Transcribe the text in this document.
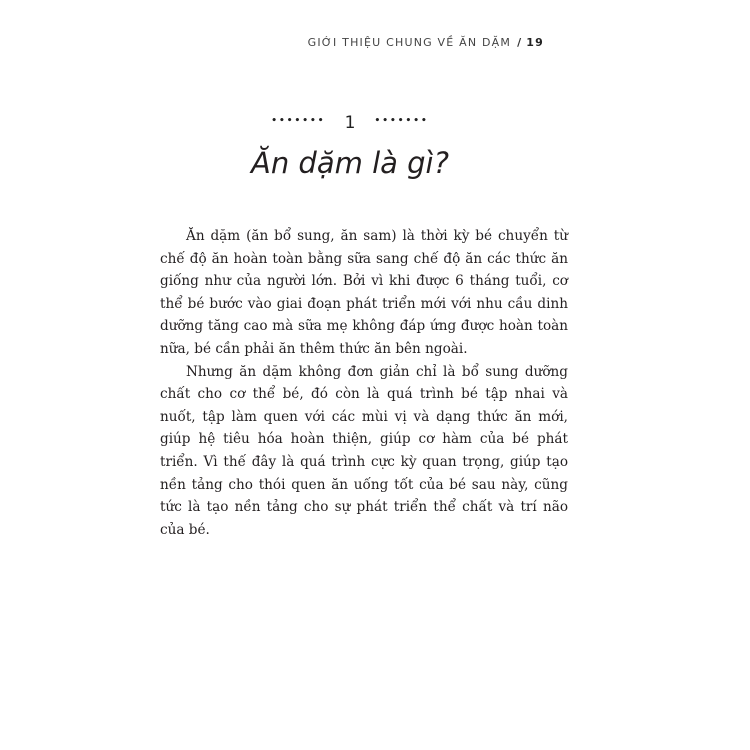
GIỚI THIỆU CHUNG VỀ ĂN DẶM / 19
••••••• 1 •••••••
Ăn dặm là gì?

Ăn dặm (ăn bổ sung, ăn sam) là thời kỳ bé chuyển từ chế độ ăn hoàn toàn bằng sữa sang chế độ ăn các thức ăn giống như của người lớn. Bởi vì khi được 6 tháng tuổi, cơ thể bé bước vào giai đoạn phát triển mới với nhu cầu dinh dưỡng tăng cao mà sữa mẹ không đáp ứng được hoàn toàn nữa, bé cần phải ăn thêm thức ăn bên ngoài.

Nhưng ăn dặm không đơn giản chỉ là bổ sung dưỡng chất cho cơ thể bé, đó còn là quá trình bé tập nhai và nuốt, tập làm quen với các mùi vị và dạng thức ăn mới, giúp hệ tiêu hóa hoàn thiện, giúp cơ hàm của bé phát triển. Vì thế đây là quá trình cực kỳ quan trọng, giúp tạo nền tảng cho thói quen ăn uống tốt của bé sau này, cũng tức là tạo nền tảng cho sự phát triển thể chất và trí não của bé.
